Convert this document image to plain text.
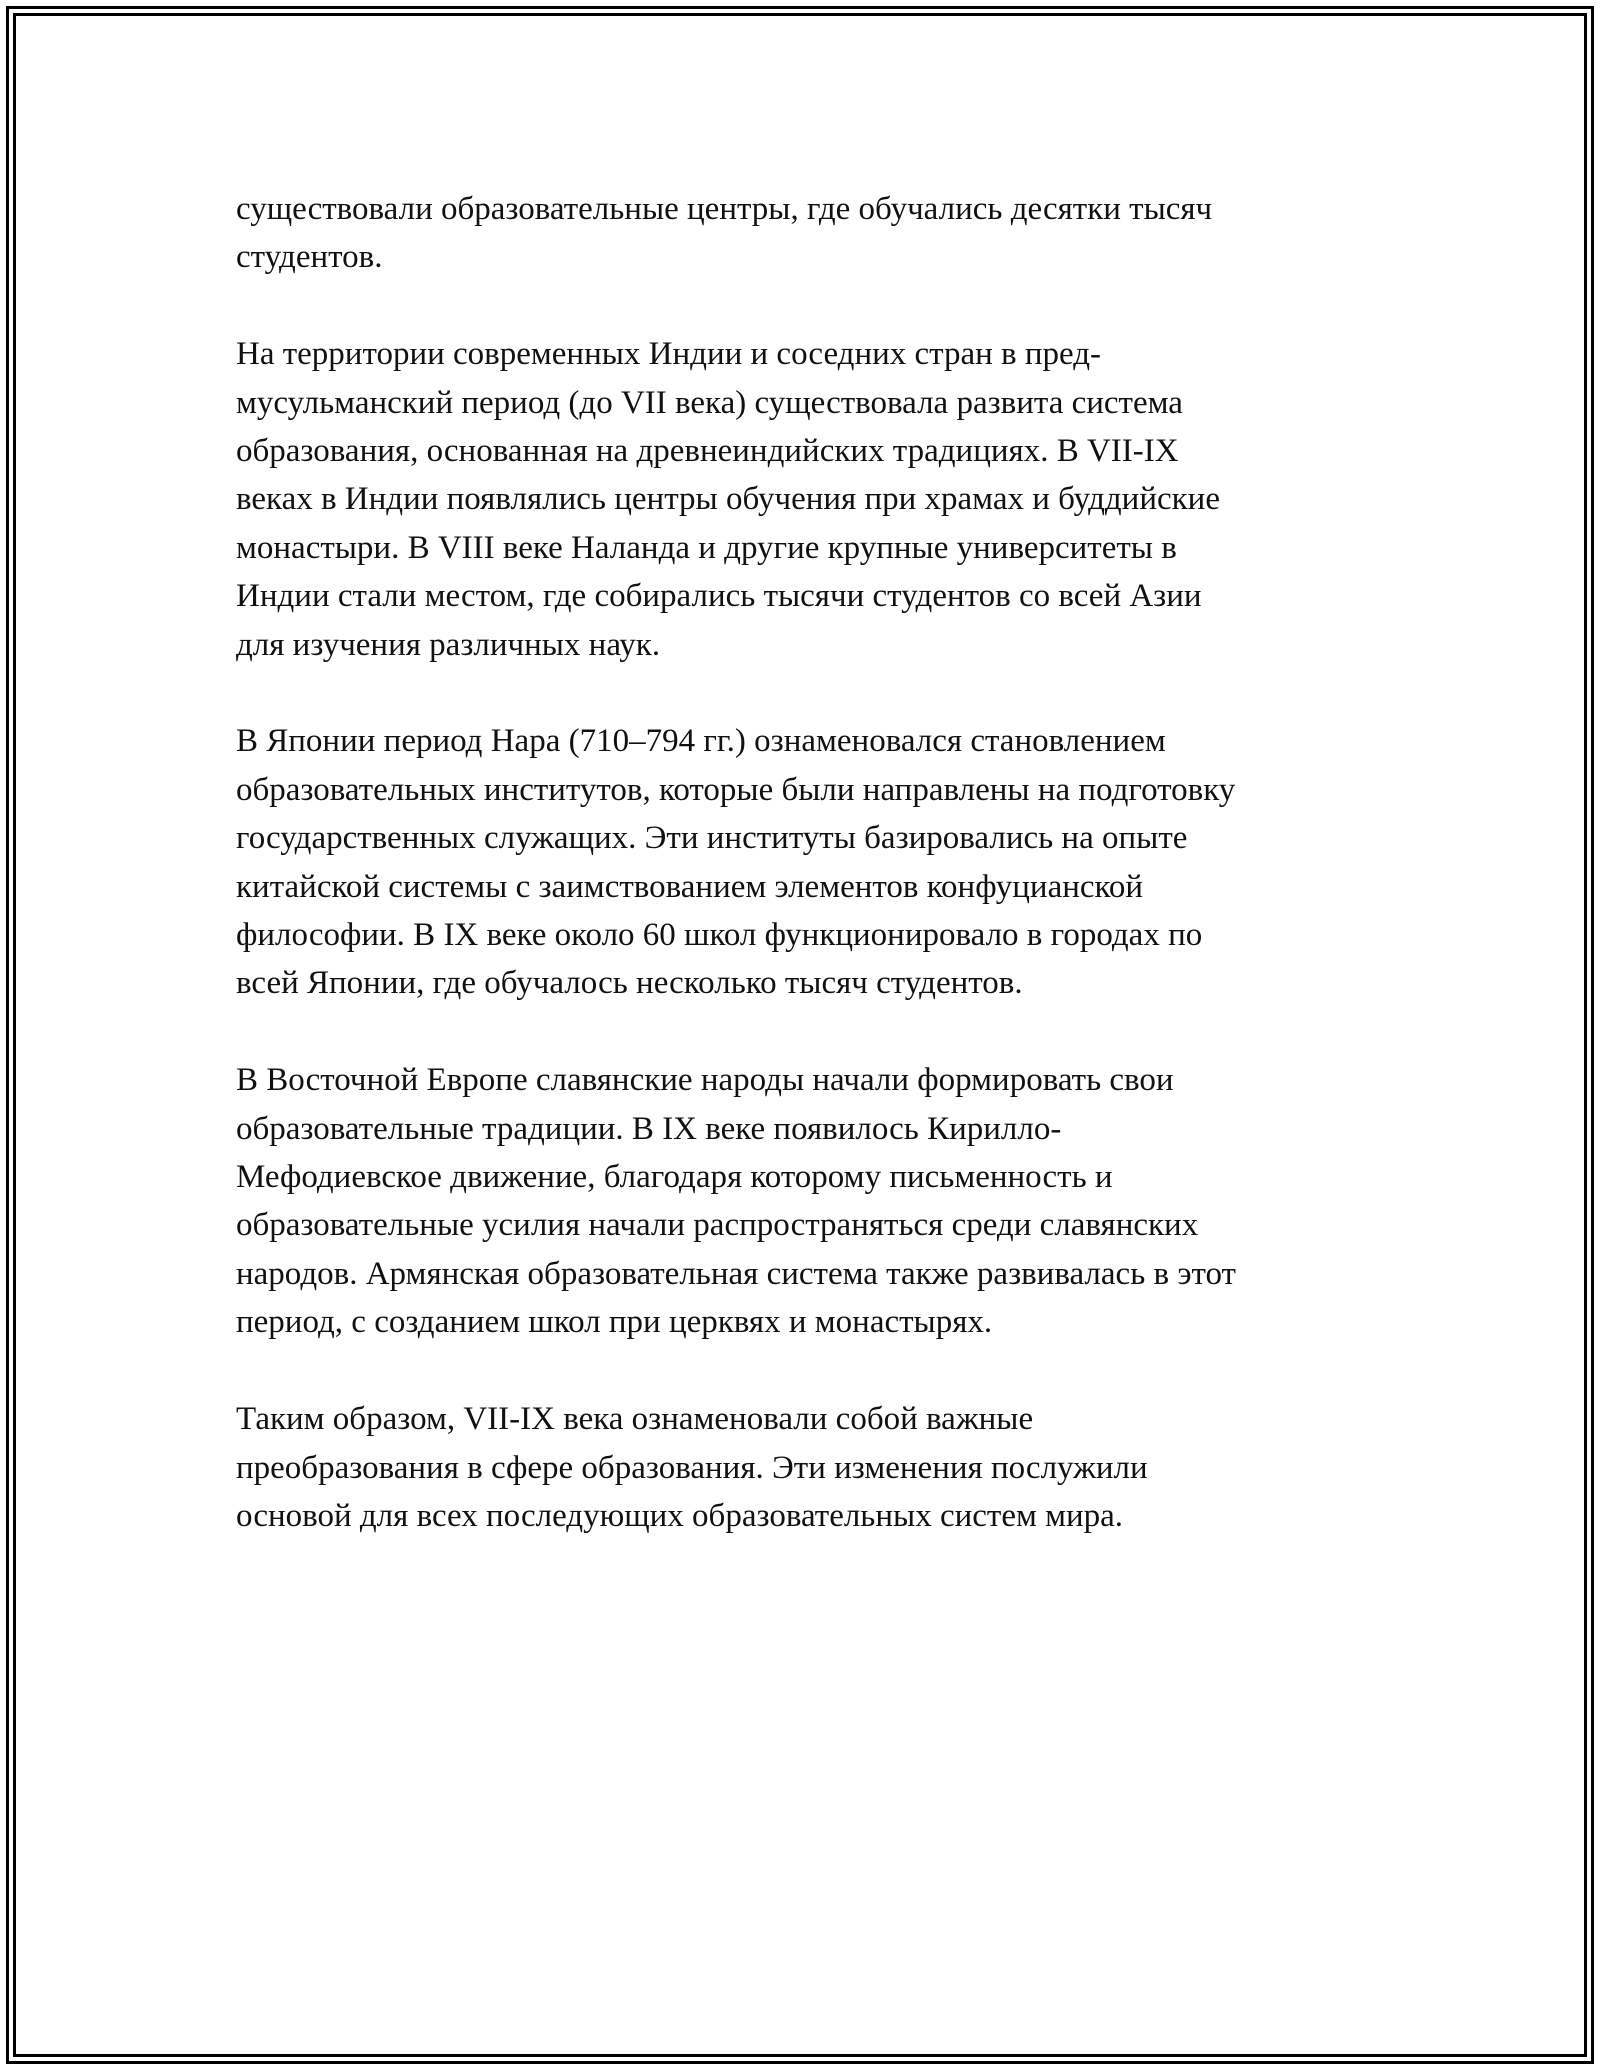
существовали образовательные центры, где обучались десятки тысяч
студентов.

На территории современных Индии и соседних стран в пред-
мусульманский период (до VII века) существовала развита система
образования, основанная на древнеиндийских традициях. В VII-IX
веках в Индии появлялись центры обучения при храмах и буддийские
монастыри. В VIII веке Наланда и другие крупные университеты в
Индии стали местом, где собирались тысячи студентов со всей Азии
для изучения различных наук.

В Японии период Нара (710–794 гг.) ознаменовался становлением
образовательных институтов, которые были направлены на подготовку
государственных служащих. Эти институты базировались на опыте
китайской системы с заимствованием элементов конфуцианской
философии. В IX веке около 60 школ функционировало в городах по
всей Японии, где обучалось несколько тысяч студентов.

В Восточной Европе славянские народы начали формировать свои
образовательные традиции. В IX веке появилось Кирилло-
Мефодиевское движение, благодаря которому письменность и
образовательные усилия начали распространяться среди славянских
народов. Армянская образовательная система также развивалась в этот
период, с созданием школ при церквях и монастырях.

Таким образом, VII-IX века ознаменовали собой важные
преобразования в сфере образования. Эти изменения послужили
основой для всех последующих образовательных систем мира.
